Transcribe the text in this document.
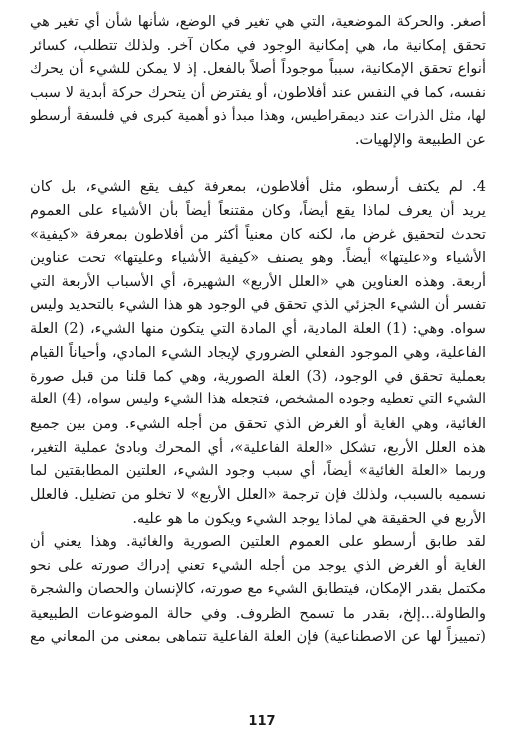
أصغر. والحركة الموضعية، التي هي تغير في الوضع، شأنها شأن أي تغير هي

تحقق إمكانية ما، هي إمكانية الوجود في مكان آخر. ولذلك تتطلب، كسائر

أنواع تحقق الإمكانية، سبباً موجوداً أصلاً بالفعل. إذ لا يمكن للشيء أن يحرك

نفسه، كما في النفس عند أفلاطون، أو يفترض أن يتحرك حركة أبدية لا سبب

لها، مثل الذرات عند ديمقراطيس، وهذا مبدأ ذو أهمية كبرى في فلسفة أرسطو

عن الطبيعة والإلهيات.

4. لم يكتف أرسطو، مثل أفلاطون، بمعرفة كيف يقع الشيء، بل كان

يريد أن يعرف لماذا يقع أيضاً، وكان مقتنعاً أيضاً بأن الأشياء على العموم

تحدث لتحقيق غرض ما، لكنه كان معنياً أكثر من أفلاطون بمعرفة «كيفية»

الأشياء و«عليتها» أيضاً. وهو يصنف «كيفية الأشياء وعليتها» تحت عناوين

أربعة. وهذه العناوين هي «العلل الأربع» الشهيرة، أي الأسباب الأربعة التي

تفسر أن الشيء الجزئي الذي تحقق في الوجود هو هذا الشيء بالتحديد وليس

سواه. وهي: (1) العلة المادية، أي المادة التي يتكون منها الشيء، (2) العلة

الفاعلية، وهي الموجود الفعلي الضروري لإيجاد الشيء المادي، وأحياناً القيام

بعملية تحقق في الوجود، (3) العلة الصورية، وهي كما قلنا من قبل صورة

الشيء التي تعطيه وجوده المشخص، فتجعله هذا الشيء وليس سواه، (4) العلة

الغائية، وهي الغاية أو الغرض الذي تحقق من أجله الشيء. ومن بين جميع

هذه العلل الأربع، تشكل «العلة الفاعلية»، أي المحرك وبادئ عملية التغير،

وربما «العلة الغائية» أيضاً، أي سبب وجود الشيء، العلتين المطابقتين لما

نسميه بالسبب، ولذلك فإن ترجمة «العلل الأربع» لا تخلو من تضليل. فالعلل

الأربع في الحقيقة هي لماذا يوجد الشيء ويكون ما هو عليه.

لقد طابق أرسطو على العموم العلتين الصورية والغائية. وهذا يعني أن

الغاية أو الغرض الذي يوجد من أجله الشيء تعني إدراك صورته على نحو

مكتمل بقدر الإمكان، فيتطابق الشيء مع صورته، كالإنسان والحصان والشجرة

والطاولة...إلخ، بقدر ما تسمح الظروف. وفي حالة الموضوعات الطبيعية

(تمييزاً لها عن الاصطناعية) فإن العلة الفاعلية تتماهى بمعنى من المعاني مع

117
